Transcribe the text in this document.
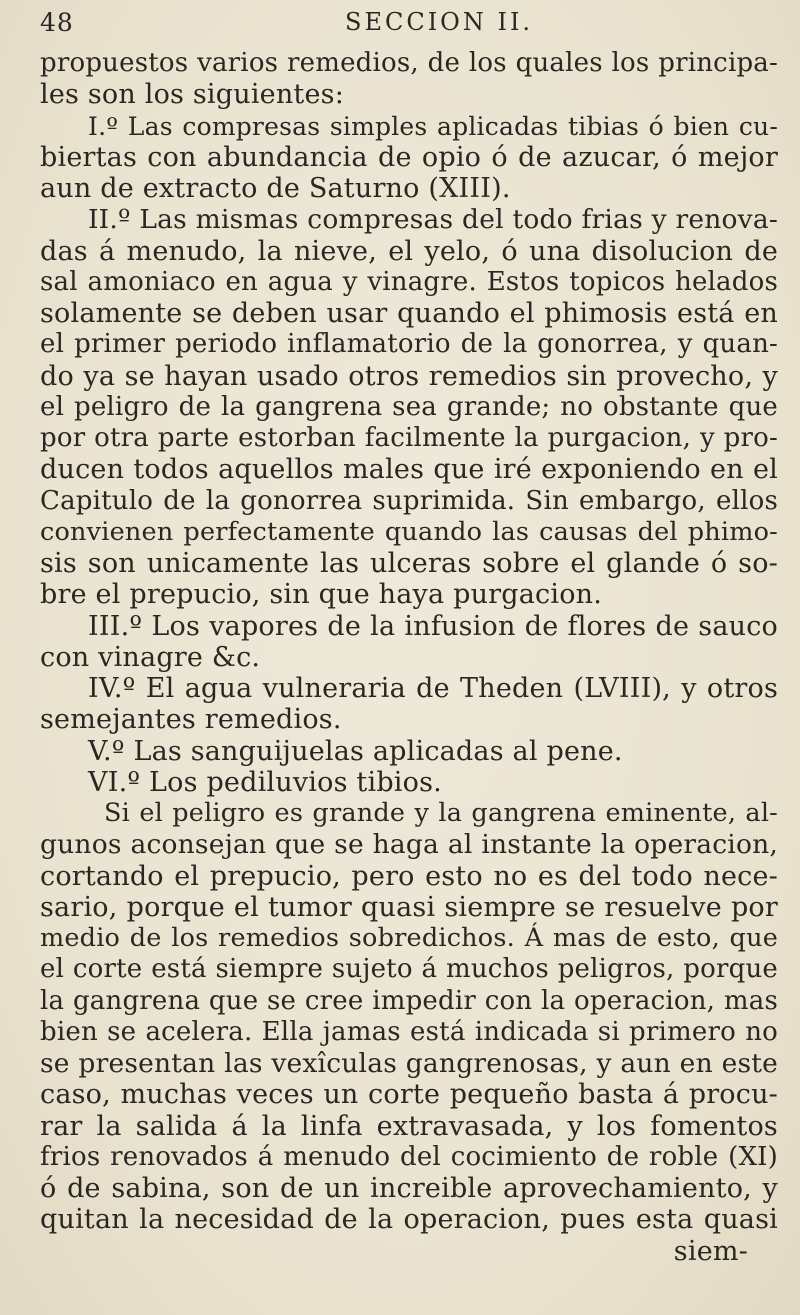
48	SECCION II.
propuestos varios remedios, de los quales los principa-
les son los siguientes:
I.º Las compresas simples aplicadas tibias ó bien cu-
biertas con abundancia de opio ó de azucar, ó mejor
aun de extracto de Saturno (XIII).
II.º Las mismas compresas del todo frias y renova-
das á menudo, la nieve, el yelo, ó una disolucion de
sal amoniaco en agua y vinagre. Estos topicos helados
solamente se deben usar quando el phimosis está en
el primer periodo inflamatorio de la gonorrea, y quan-
do ya se hayan usado otros remedios sin provecho, y
el peligro de la gangrena sea grande; no obstante que
por otra parte estorban facilmente la purgacion, y pro-
ducen todos aquellos males que iré exponiendo en el
Capitulo de la gonorrea suprimida. Sin embargo, ellos
convienen perfectamente quando las causas del phimo-
sis son unicamente las ulceras sobre el glande ó so-
bre el prepucio, sin que haya purgacion.
III.º Los vapores de la infusion de flores de sauco
con vinagre &c.
IV.º El agua vulneraria de Theden (LVIII), y otros
semejantes remedios.
V.º Las sanguijuelas aplicadas al pene.
VI.º Los pediluvios tibios.
Si el peligro es grande y la gangrena eminente, al-
gunos aconsejan que se haga al instante la operacion,
cortando el prepucio, pero esto no es del todo nece-
sario, porque el tumor quasi siempre se resuelve por
medio de los remedios sobredichos. Á mas de esto, que
el corte está siempre sujeto á muchos peligros, porque
la gangrena que se cree impedir con la operacion, mas
bien se acelera. Ella jamas está indicada si primero no
se presentan las vexîculas gangrenosas, y aun en este
caso, muchas veces un corte pequeño basta á procu-
rar la salida á la linfa extravasada, y los fomentos
frios renovados á menudo del cocimiento de roble (XI)
ó de sabina, son de un increible aprovechamiento, y
quitan la necesidad de la operacion, pues esta quasi
siem-
